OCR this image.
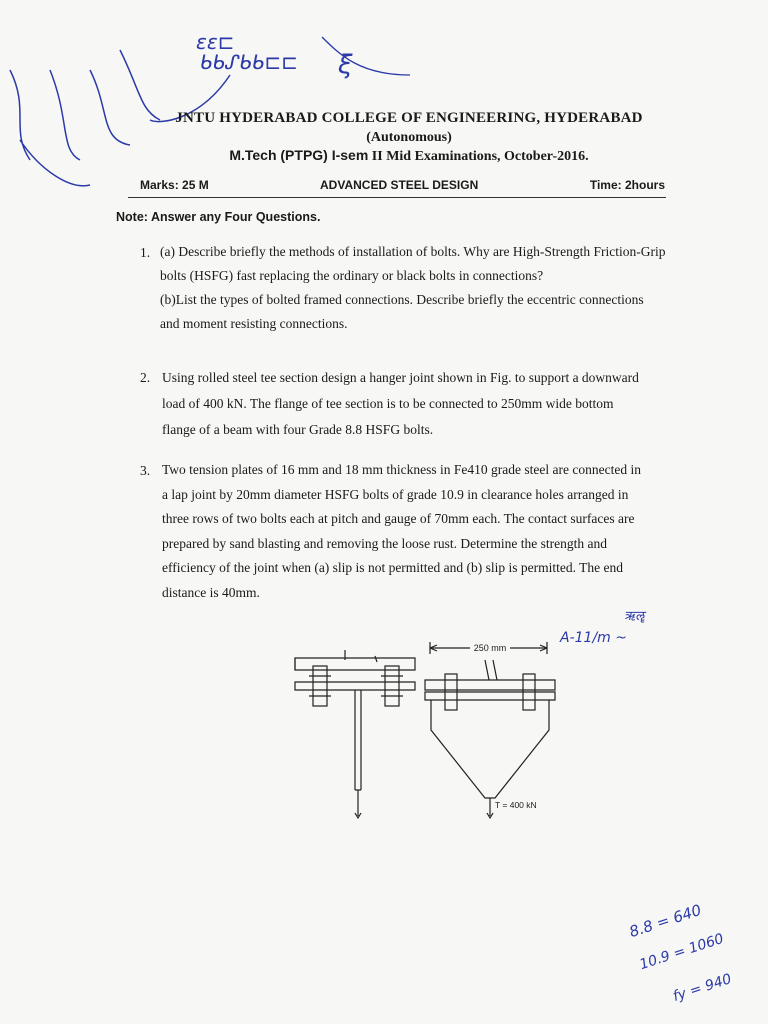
ɛɛ⊏
ᑲᑲᔑᑲᑲ⊏⊏ ξ
JNTU HYDERABAD COLLEGE OF ENGINEERING, HYDERABAD
(Autonomous)
M.Tech (PTPG) I-sem II Mid Examinations, October-2016.
Marks: 25 M	ADVANCED STEEL DESIGN	Time: 2hours
Note: Answer any Four Questions.
1. (a) Describe briefly the methods of installation of bolts. Why are High-Strength Friction-Grip
bolts (HSFG) fast replacing the ordinary or black bolts in connections?
(b)List the types of bolted framed connections. Describe briefly the eccentric connections
and moment resisting connections.
2. Using rolled steel tee section design a hanger joint shown in Fig. to support a downward
load of 400 kN. The flange of tee section is to be connected to 250mm wide bottom
flange of a beam with four Grade 8.8 HSFG bolts.
3. Two tension plates of 16 mm and 18 mm thickness in Fe410 grade steel are connected in
a lap joint by 20mm diameter HSFG bolts of grade 10.9 in clearance holes arranged in
three rows of two bolts each at pitch and gauge of 70mm each. The contact surfaces are
prepared by sand blasting and removing the loose rust. Determine the strength and
efficiency of the joint when (a) slip is not permitted and (b) slip is permitted. The end
distance is 40mm.
ऋॡ
A-11/m ~
250 mm
T = 400 kN
8.8 = 640
10.9 = 1060
fy = 940
